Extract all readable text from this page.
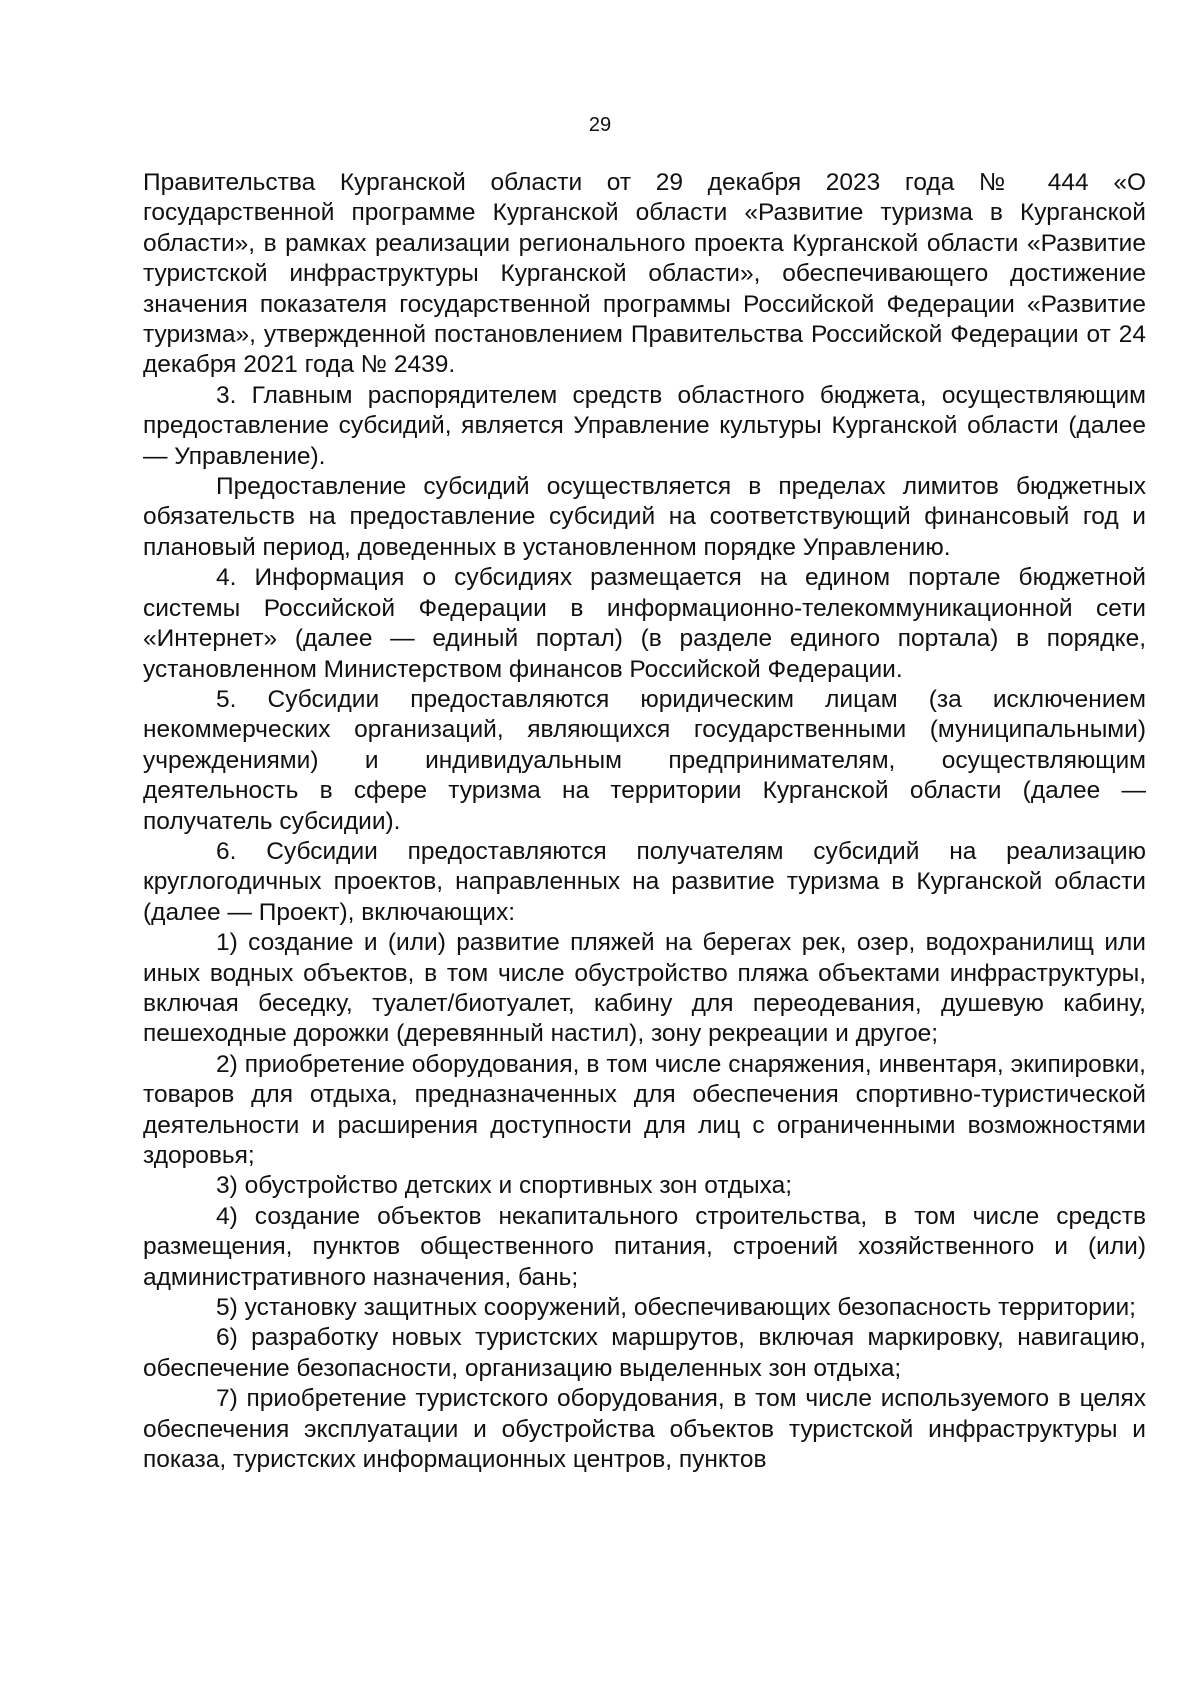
29

Правительства Курганской области от 29 декабря 2023 года № 444 «О государственной программе Курганской области «Развитие туризма в Курганской области», в рамках реализации регионального проекта Курганской области «Развитие туристской инфраструктуры Курганской области», обеспечивающего достижение значения показателя государственной программы Российской Федерации «Развитие туризма», утвержденной постановлением Правительства Российской Федерации от 24 декабря 2021 года № 2439.

3. Главным распорядителем средств областного бюджета, осуществляющим предоставление субсидий, является Управление культуры Курганской области (далее — Управление).

Предоставление субсидий осуществляется в пределах лимитов бюджетных обязательств на предоставление субсидий на соответствующий финансовый год и плановый период, доведенных в установленном порядке Управлению.

4. Информация о субсидиях размещается на едином портале бюджетной системы Российской Федерации в информационно-телекоммуникационной сети «Интернет» (далее — единый портал) (в разделе единого портала) в порядке, установленном Министерством финансов Российской Федерации.

5. Субсидии предоставляются юридическим лицам (за исключением некоммерческих организаций, являющихся государственными (муниципальными) учреждениями) и индивидуальным предпринимателям, осуществляющим деятельность в сфере туризма на территории Курганской области (далее — получатель субсидии).

6. Субсидии предоставляются получателям субсидий на реализацию круглогодичных проектов, направленных на развитие туризма в Курганской области (далее — Проект), включающих:

1) создание и (или) развитие пляжей на берегах рек, озер, водохранилищ или иных водных объектов, в том числе обустройство пляжа объектами инфраструктуры, включая беседку, туалет/биотуалет, кабину для переодевания, душевую кабину, пешеходные дорожки (деревянный настил), зону рекреации и другое;

2) приобретение оборудования, в том числе снаряжения, инвентаря, экипировки, товаров для отдыха, предназначенных для обеспечения спортивно-туристической деятельности и расширения доступности для лиц с ограниченными возможностями здоровья;

3) обустройство детских и спортивных зон отдыха;

4) создание объектов некапитального строительства, в том числе средств размещения, пунктов общественного питания, строений хозяйственного и (или) административного назначения, бань;

5) установку защитных сооружений, обеспечивающих безопасность территории;

6) разработку новых туристских маршрутов, включая маркировку, навигацию, обеспечение безопасности, организацию выделенных зон отдыха;

7) приобретение туристского оборудования, в том числе используемого в целях обеспечения эксплуатации и обустройства объектов туристской инфраструктуры и показа, туристских информационных центров, пунктов
